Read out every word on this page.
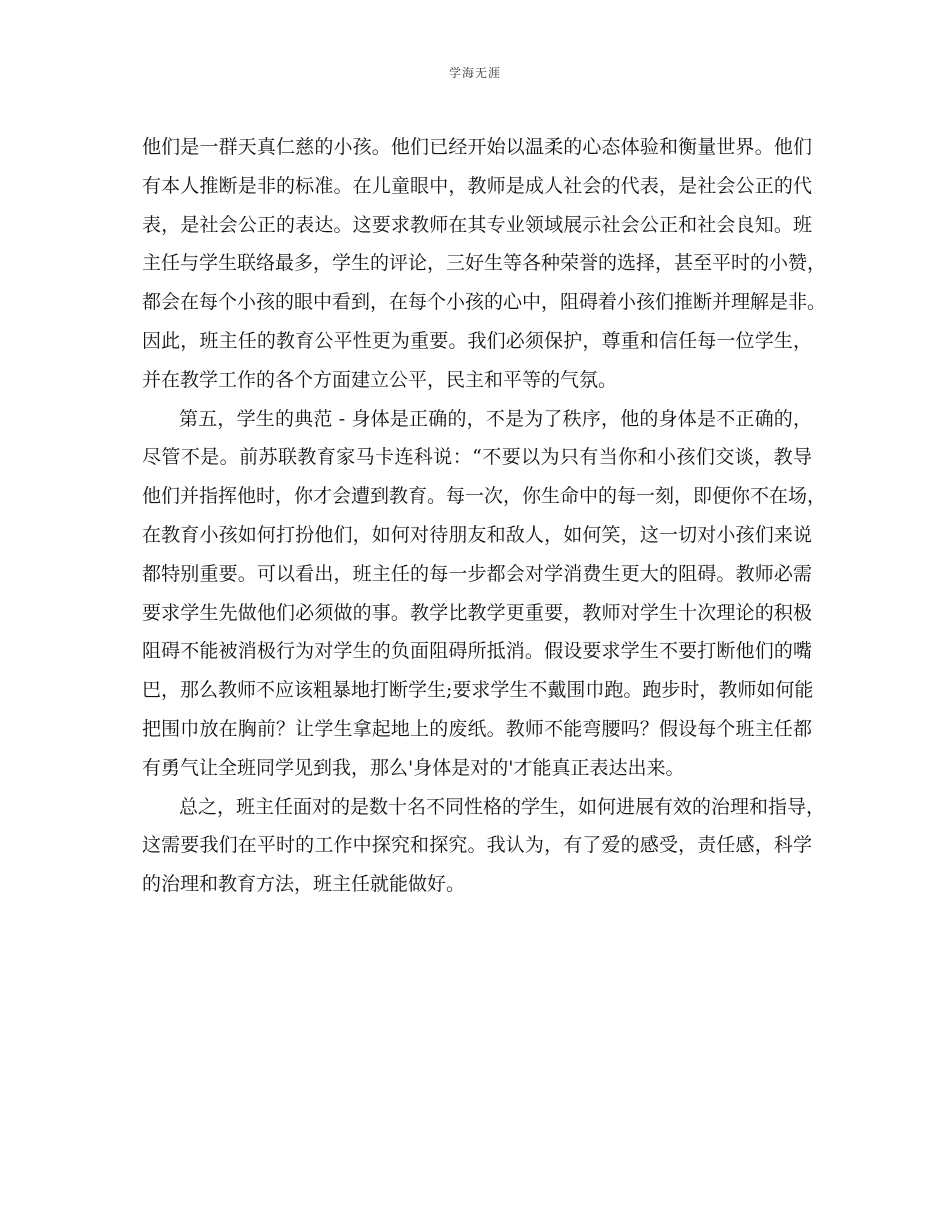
学海无涯
他们是一群天真仁慈的小孩。他们已经开始以温柔的心态体验和衡量世界。他们
有本人推断是非的标准。在儿童眼中，教师是成人社会的代表，是社会公正的代
表，是社会公正的表达。这要求教师在其专业领域展示社会公正和社会良知。班
主任与学生联络最多，学生的评论，三好生等各种荣誉的选择，甚至平时的小赞，
都会在每个小孩的眼中看到，在每个小孩的心中，阻碍着小孩们推断并理解是非。
因此，班主任的教育公平性更为重要。我们必须保护，尊重和信任每一位学生，
并在教学工作的各个方面建立公平，民主和平等的气氛。
第五，学生的典范 - 身体是正确的，不是为了秩序，他的身体是不正确的，
尽管不是。前苏联教育家马卡连科说：“不要以为只有当你和小孩们交谈，教导
他们并指挥他时，你才会遭到教育。每一次，你生命中的每一刻，即便你不在场，
在教育小孩如何打扮他们，如何对待朋友和敌人，如何笑，这一切对小孩们来说
都特别重要。可以看出，班主任的每一步都会对学消费生更大的阻碍。教师必需
要求学生先做他们必须做的事。教学比教学更重要，教师对学生十次理论的积极
阻碍不能被消极行为对学生的负面阻碍所抵消。假设要求学生不要打断他们的嘴
巴，那么教师不应该粗暴地打断学生;要求学生不戴围巾跑。跑步时，教师如何能
把围巾放在胸前？让学生拿起地上的废纸。教师不能弯腰吗？假设每个班主任都
有勇气让全班同学见到我，那么'身体是对的'才能真正表达出来。
总之，班主任面对的是数十名不同性格的学生，如何进展有效的治理和指导，
这需要我们在平时的工作中探究和探究。我认为，有了爱的感受，责任感，科学
的治理和教育方法，班主任就能做好。
